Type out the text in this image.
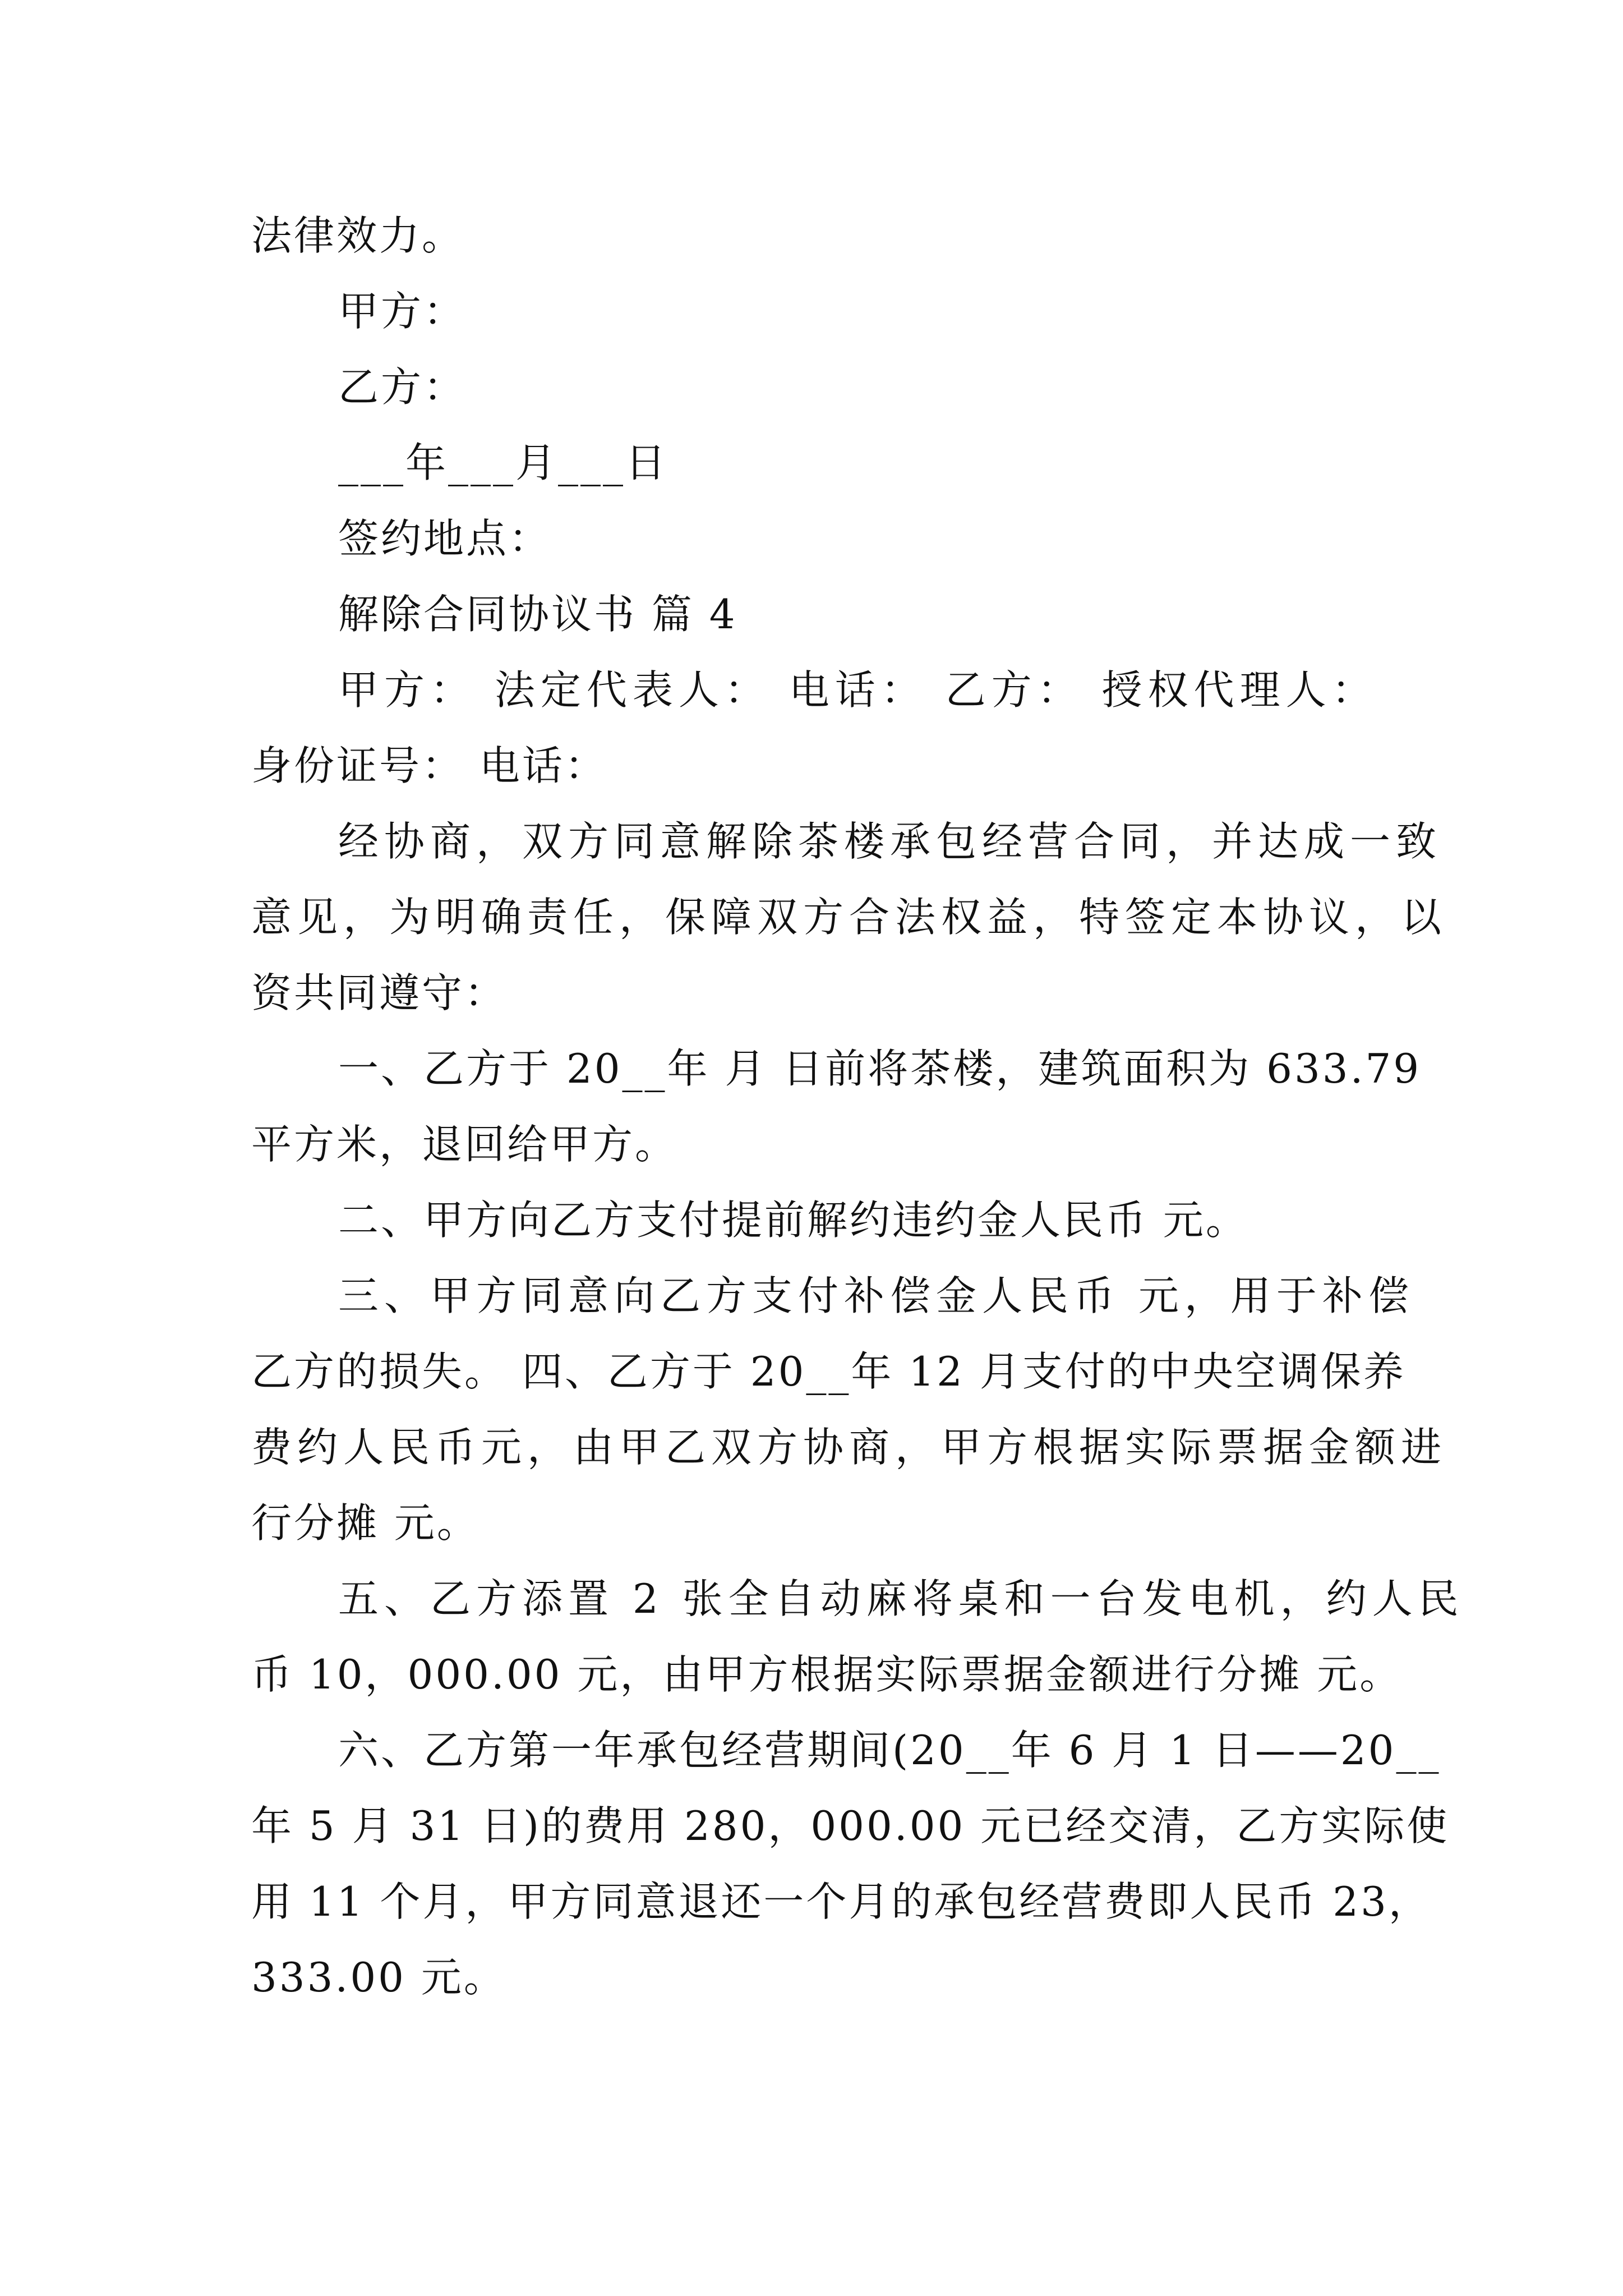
法律效力。
甲方：
乙方：
___年___月___日
签约地点：
解除合同协议书 篇 4
甲方： 法定代表人： 电话： 乙方： 授权代理人：
身份证号： 电话：
经协商，双方同意解除茶楼承包经营合同，并达成一致
意见，为明确责任，保障双方合法权益，特签定本协议，以
资共同遵守：
一、乙方于 20__年 月 日前将茶楼，建筑面积为 633.79
平方米，退回给甲方。
二、甲方向乙方支付提前解约违约金人民币 元。
三、甲方同意向乙方支付补偿金人民币 元，用于补偿
乙方的损失。 四、乙方于 20__年 12 月支付的中央空调保养
费约人民币元，由甲乙双方协商，甲方根据实际票据金额进
行分摊 元。
五、乙方添置 2 张全自动麻将桌和一台发电机，约人民
币 10，000.00 元，由甲方根据实际票据金额进行分摊 元。
六、乙方第一年承包经营期间(20__年 6 月 1 日——20__
年 5 月 31 日)的费用 280，000.00 元已经交清，乙方实际使
用 11 个月，甲方同意退还一个月的承包经营费即人民币 23，
333.00 元。
